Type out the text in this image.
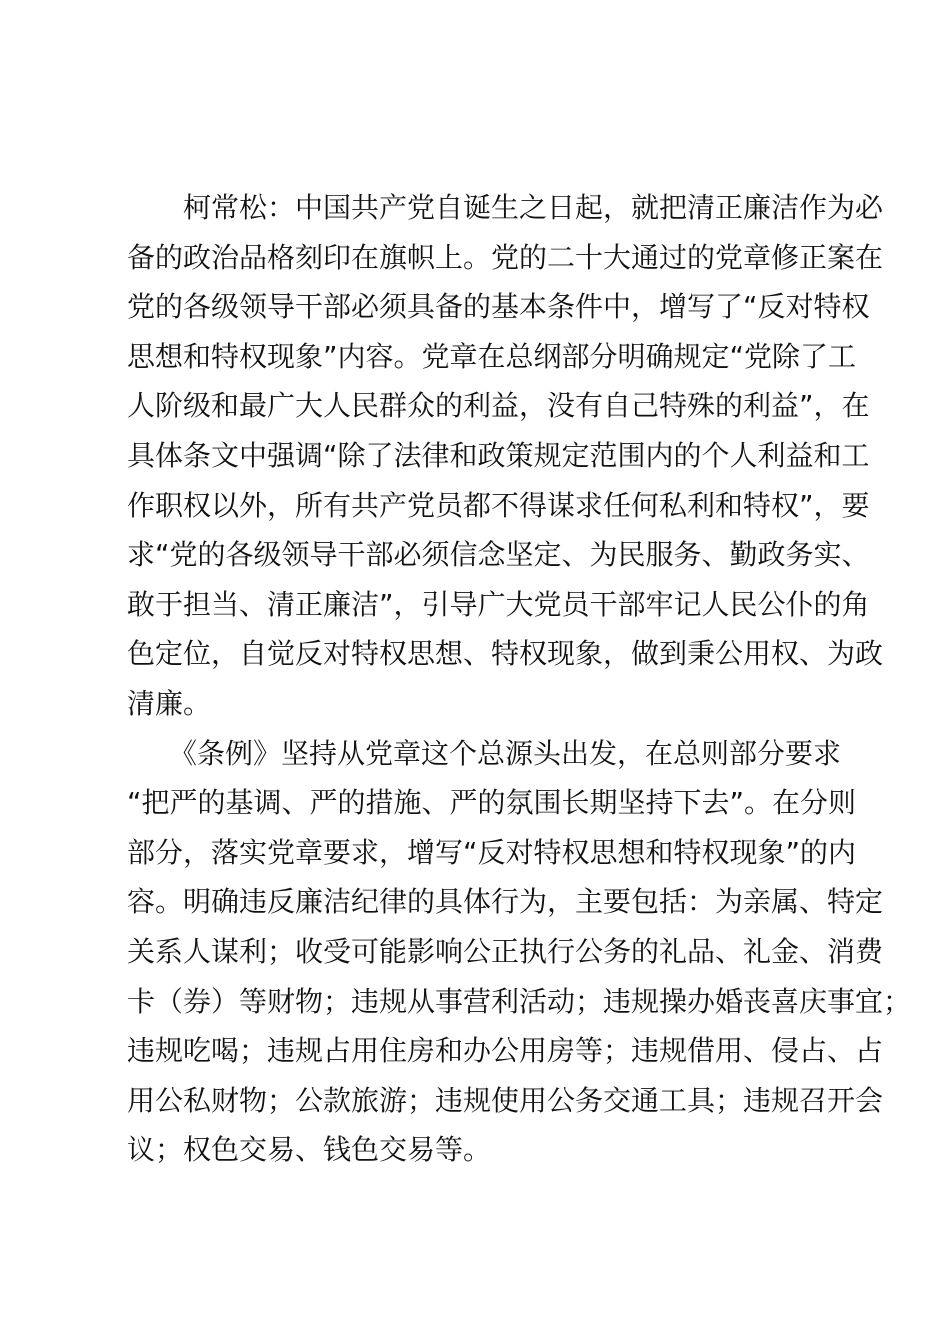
　　柯常松：中国共产党自诞生之日起，就把清正廉洁作为必
备的政治品格刻印在旗帜上。党的二十大通过的党章修正案在
党的各级领导干部必须具备的基本条件中，增写了“反对特权
思想和特权现象”内容。党章在总纲部分明确规定“党除了工
人阶级和最广大人民群众的利益，没有自己特殊的利益”，在
具体条文中强调“除了法律和政策规定范围内的个人利益和工
作职权以外，所有共产党员都不得谋求任何私利和特权”，要
求“党的各级领导干部必须信念坚定、为民服务、勤政务实、
敢于担当、清正廉洁”，引导广大党员干部牢记人民公仆的角
色定位，自觉反对特权思想、特权现象，做到秉公用权、为政
清廉。
　　《条例》坚持从党章这个总源头出发，在总则部分要求
“把严的基调、严的措施、严的氛围长期坚持下去”。在分则
部分，落实党章要求，增写“反对特权思想和特权现象”的内
容。明确违反廉洁纪律的具体行为，主要包括：为亲属、特定
关系人谋利；收受可能影响公正执行公务的礼品、礼金、消费
卡（券）等财物；违规从事营利活动；违规操办婚丧喜庆事宜；
违规吃喝；违规占用住房和办公用房等；违规借用、侵占、占
用公私财物；公款旅游；违规使用公务交通工具；违规召开会
议；权色交易、钱色交易等。
